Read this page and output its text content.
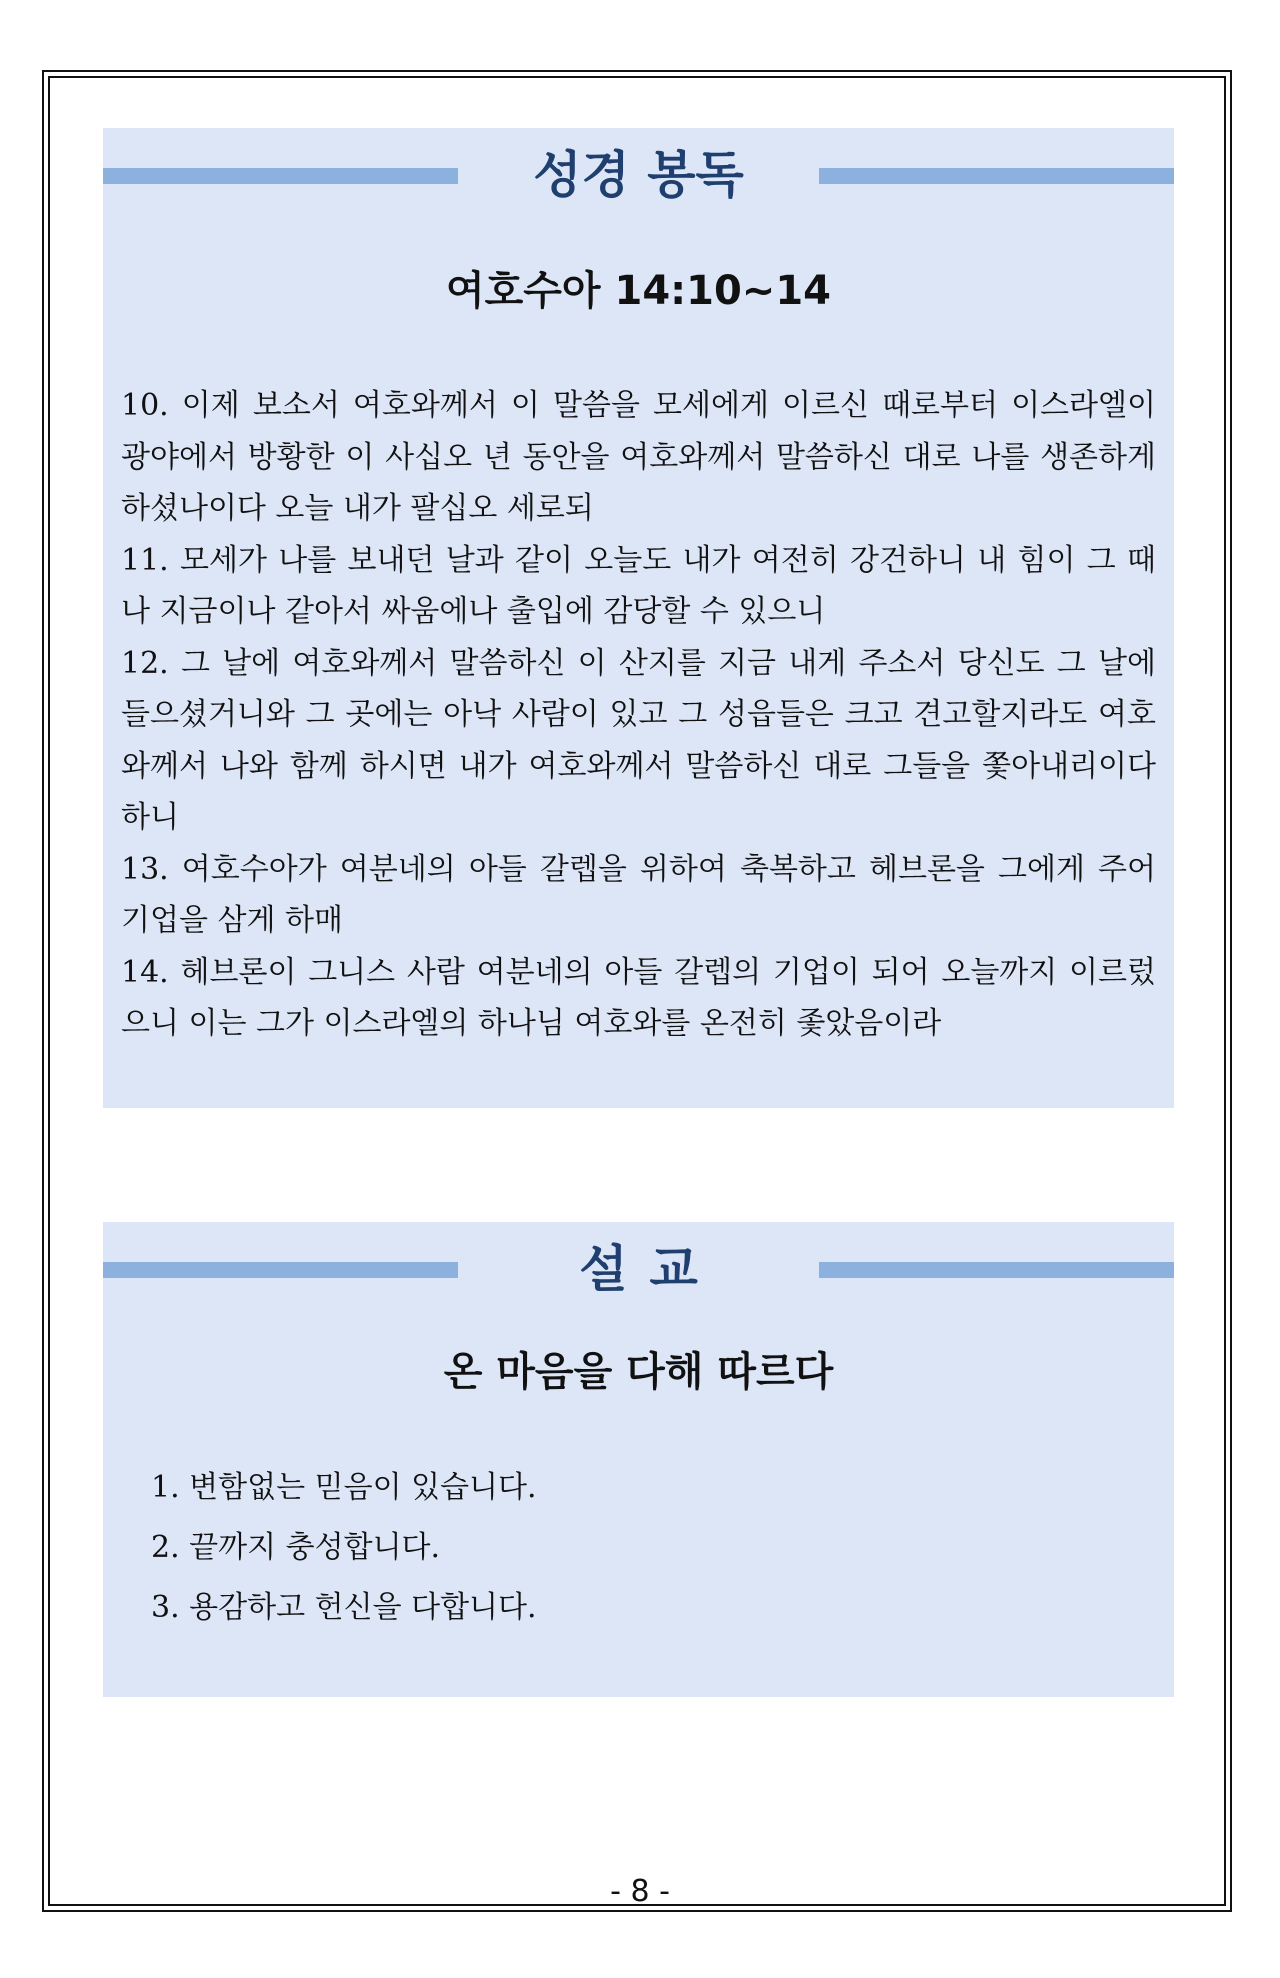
성경 봉독
여호수아 14:10~14

10. 이제 보소서 여호와께서 이 말씀을 모세에게 이르신 때로부터 이스라엘이 광야에서 방황한 이 사십오 년 동안을 여호와께서 말씀하신 대로 나를 생존하게 하셨나이다 오늘 내가 팔십오 세로되

11. 모세가 나를 보내던 날과 같이 오늘도 내가 여전히 강건하니 내 힘이 그 때나 지금이나 같아서 싸움에나 출입에 감당할 수 있으니

12. 그 날에 여호와께서 말씀하신 이 산지를 지금 내게 주소서 당신도 그 날에 들으셨거니와 그 곳에는 아낙 사람이 있고 그 성읍들은 크고 견고할지라도 여호와께서 나와 함께 하시면 내가 여호와께서 말씀하신 대로 그들을 쫓아내리이다 하니

13. 여호수아가 여분네의 아들 갈렙을 위하여 축복하고 헤브론을 그에게 주어 기업을 삼게 하매

14. 헤브론이 그니스 사람 여분네의 아들 갈렙의 기업이 되어 오늘까지 이르렀으니 이는 그가 이스라엘의 하나님 여호와를 온전히 좇았음이라

설교
온 마음을 다해 따르다

1. 변함없는 믿음이 있습니다.

2. 끝까지 충성합니다.

3. 용감하고 헌신을 다합니다.

- 8 -
